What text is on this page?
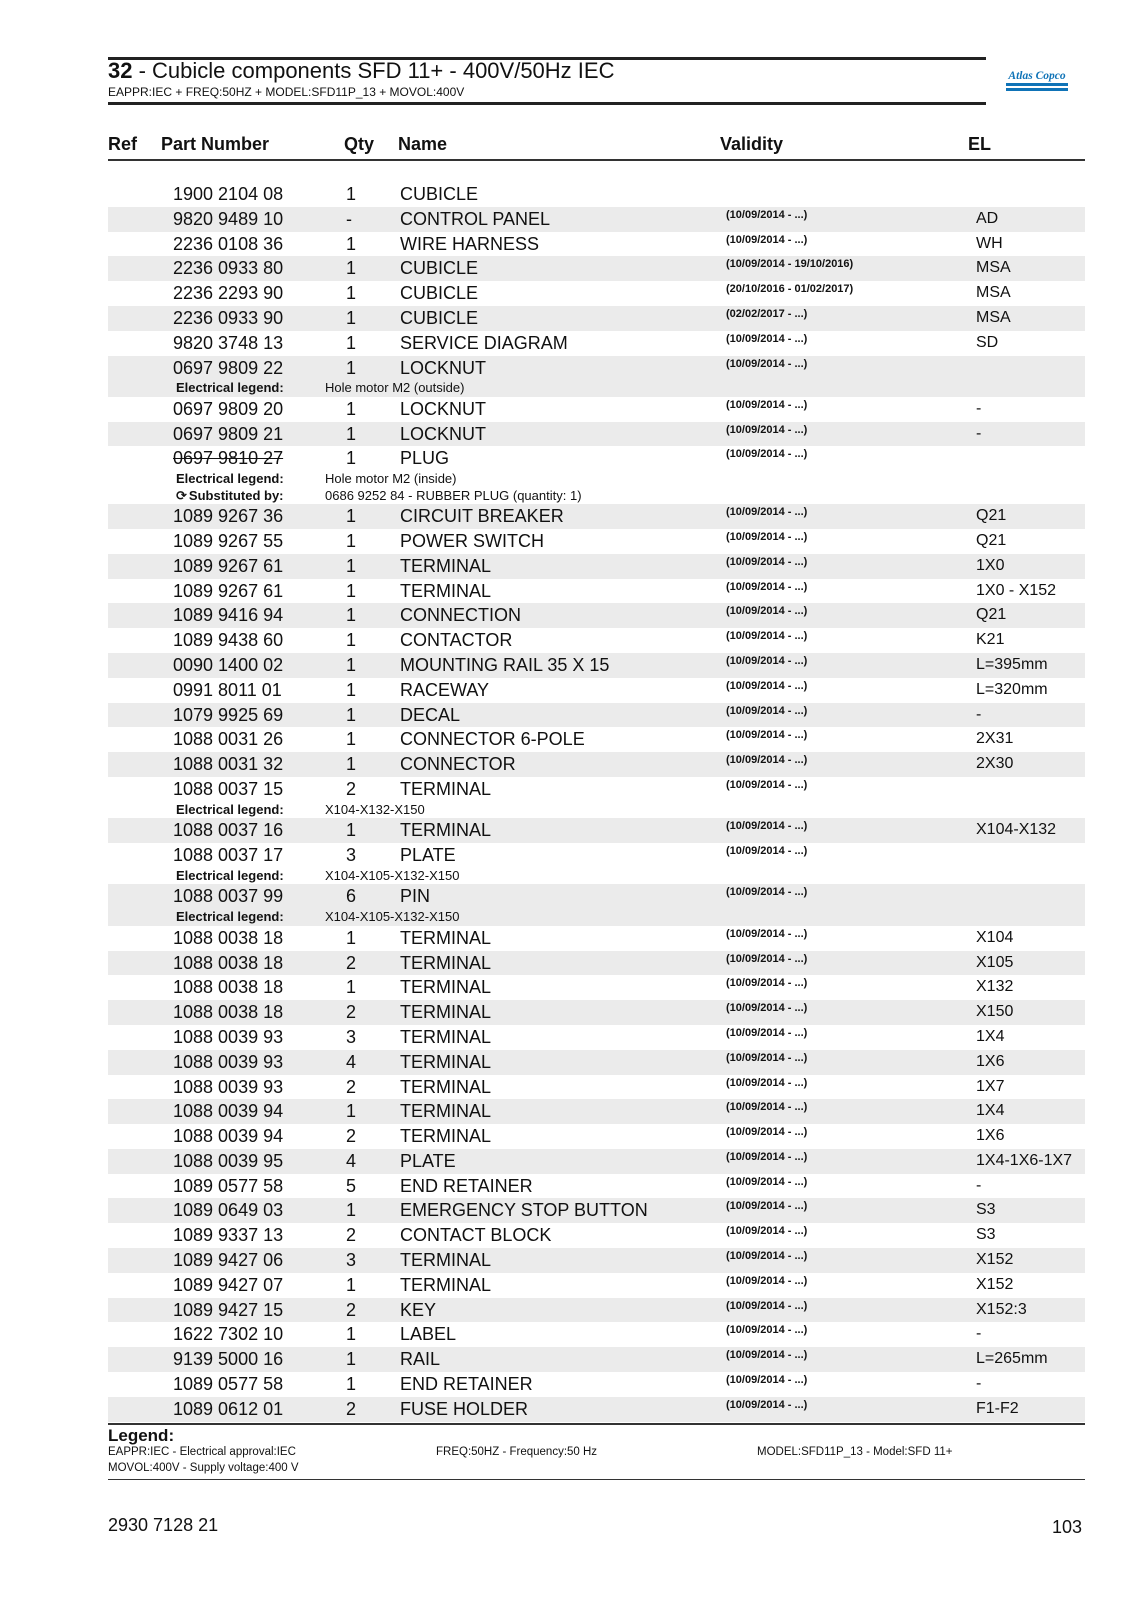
32 - Cubicle components SFD 11+ - 400V/50Hz IEC
EAPPR:IEC + FREQ:50HZ + MODEL:SFD11P_13 + MOVOL:400V
Atlas Copco
Ref Part Number	Qty Name	Validity	EL
1900 2104 08	1 CUBICLE
9820 9489 10	-	CONTROL PANEL	(10/09/2014 - ...)	AD
2236 0108 36	1 WIRE HARNESS	(10/09/2014 - ...)	WH
2236 0933 80	1 CUBICLE	(10/09/2014 - 19/10/2016)	MSA
2236 2293 90	1 CUBICLE	(20/10/2016 - 01/02/2017)	MSA
2236 0933 90	1 CUBICLE	(02/02/2017 - ...)	MSA
9820 3748 13	1 SERVICE DIAGRAM	(10/09/2014 - ...)	SD
0697 9809 22	1 LOCKNUT	(10/09/2014 - ...)
Electrical legend:	Hole motor M2 (outside)
0697 9809 20	1 LOCKNUT	(10/09/2014 - ...)	-
0697 9809 21	1 LOCKNUT	(10/09/2014 - ...)	-
0697 9810 27	1 PLUG	(10/09/2014 - ...)
Electrical legend:	Hole motor M2 (inside)
⟳ Substituted by:	0686 9252 84 - RUBBER PLUG (quantity: 1)
1089 9267 36	1 CIRCUIT BREAKER	(10/09/2014 - ...)	Q21
1089 9267 55	1 POWER SWITCH	(10/09/2014 - ...)	Q21
1089 9267 61	1 TERMINAL	(10/09/2014 - ...)	1X0
1089 9267 61	1 TERMINAL	(10/09/2014 - ...)	1X0 - X152
1089 9416 94	1 CONNECTION	(10/09/2014 - ...)	Q21
1089 9438 60	1 CONTACTOR	(10/09/2014 - ...)	K21
0090 1400 02	1 MOUNTING RAIL 35 X 15	(10/09/2014 - ...)	L=395mm
0991 8011 01	1 RACEWAY	(10/09/2014 - ...)	L=320mm
1079 9925 69	1 DECAL	(10/09/2014 - ...)	-
1088 0031 26	1 CONNECTOR 6-POLE	(10/09/2014 - ...)	2X31
1088 0031 32	1 CONNECTOR	(10/09/2014 - ...)	2X30
1088 0037 15	2 TERMINAL	(10/09/2014 - ...)
Electrical legend:	X104-X132-X150
1088 0037 16	1 TERMINAL	(10/09/2014 - ...)	X104-X132
1088 0037 17	3 PLATE	(10/09/2014 - ...)
Electrical legend:	X104-X105-X132-X150
1088 0037 99	6 PIN	(10/09/2014 - ...)
Electrical legend:	X104-X105-X132-X150
1088 0038 18	1 TERMINAL	(10/09/2014 - ...)	X104
1088 0038 18	2 TERMINAL	(10/09/2014 - ...)	X105
1088 0038 18	1 TERMINAL	(10/09/2014 - ...)	X132
1088 0038 18	2 TERMINAL	(10/09/2014 - ...)	X150
1088 0039 93	3 TERMINAL	(10/09/2014 - ...)	1X4
1088 0039 93	4 TERMINAL	(10/09/2014 - ...)	1X6
1088 0039 93	2 TERMINAL	(10/09/2014 - ...)	1X7
1088 0039 94	1 TERMINAL	(10/09/2014 - ...)	1X4
1088 0039 94	2 TERMINAL	(10/09/2014 - ...)	1X6
1088 0039 95	4 PLATE	(10/09/2014 - ...)	1X4-1X6-1X7
1089 0577 58	5 END RETAINER	(10/09/2014 - ...)	-
1089 0649 03	1 EMERGENCY STOP BUTTON	(10/09/2014 - ...)	S3
1089 9337 13	2 CONTACT BLOCK	(10/09/2014 - ...)	S3
1089 9427 06	3 TERMINAL	(10/09/2014 - ...)	X152
1089 9427 07	1 TERMINAL	(10/09/2014 - ...)	X152
1089 9427 15	2 KEY	(10/09/2014 - ...)	X152:3
1622 7302 10	1 LABEL	(10/09/2014 - ...)	-
9139 5000 16	1 RAIL	(10/09/2014 - ...)	L=265mm
1089 0577 58	1 END RETAINER	(10/09/2014 - ...)	-
1089 0612 01	2 FUSE HOLDER	(10/09/2014 - ...)	F1-F2
Legend:
EAPPR:IEC - Electrical approval:IEC
MOVOL:400V - Supply voltage:400 V
FREQ:50HZ - Frequency:50 Hz	MODEL:SFD11P_13 - Model:SFD 11+
2930 7128 21	103
